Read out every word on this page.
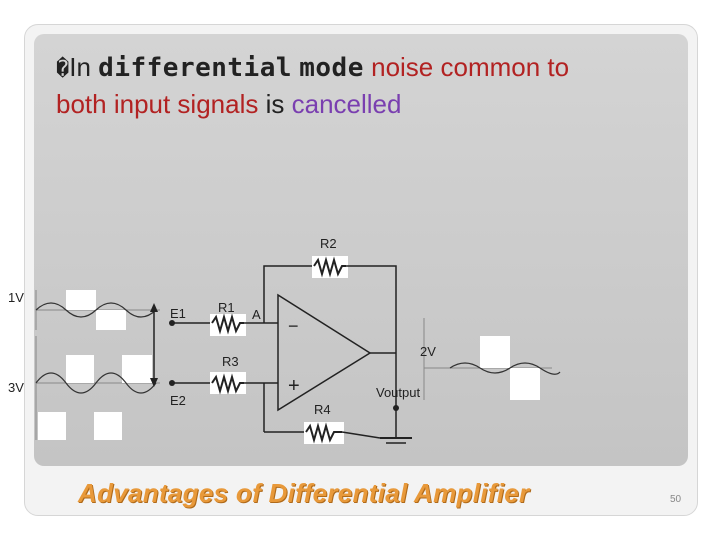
�In differential mode noise common to
both input signals is cancelled
1V
3V
E1 R1 A
E2
R3
−
+
R2
Voutput
R4
2V
Advantages of Differential Amplifier	50
